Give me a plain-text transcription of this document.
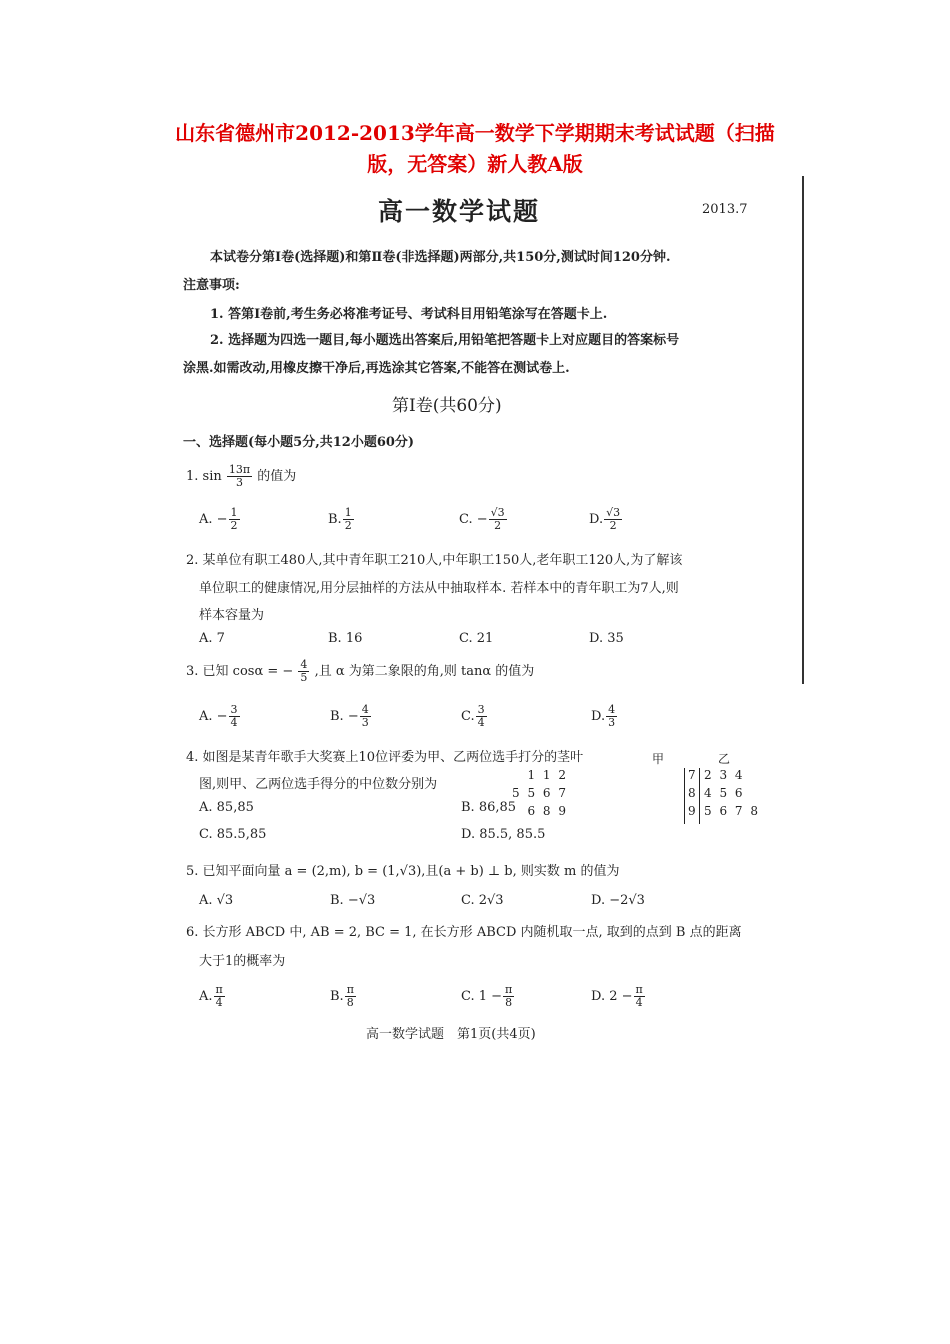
山东省德州市2012-2013学年高一数学下学期期末考试试题（扫描
版，无答案）新人教A版
高一数学试题	2013.7
本试卷分第Ⅰ卷(选择题)和第Ⅱ卷(非选择题)两部分,共150分,测试时间120分钟.
注意事项:
1. 答第Ⅰ卷前,考生务必将准考证号、考试科目用铅笔涂写在答题卡上.
2. 选择题为四选一题目,每小题选出答案后,用铅笔把答题卡上对应题目的答案标号
涂黑.如需改动,用橡皮擦干净后,再选涂其它答案,不能答在测试卷上.
第Ⅰ卷(共60分)
一、选择题(每小题5分,共12小题60分)
1. $\sin \frac{13\pi}{3}$ 的值为
A. − $\frac{1}{2}$	B. $\frac{1}{2}$	C. − $\frac{√3}{2}$	D. $\frac{√3}{2}$
2. 某单位有职工480人,其中青年职工210人,中年职工150人,老年职工120人,为了解该
单位职工的健康情况,用分层抽样的方法从中抽取样本. 若样本中的青年职工为7人,则
样本容量为
A. 7	B. 16	C. 21	D. 35
3. 已知 cosα = − $\frac{4}{5}$ ,且 α 为第二象限的角,则 tanα 的值为
A. − $\frac{3}{4}$	B. − $\frac{4}{3}$	C. $\frac{3}{4}$	D. $\frac{4}{3}$
4. 如图是某青年歌手大奖赛上10位评委为甲、乙两位选手打分的茎叶
图,则甲、乙两位选手得分的中位数分别为
A. 85,85	B. 86,85
C. 85.5,85	D. 85.5, 85.5
甲	乙
1 1 2	7 2 3 4
5 5 6 7	8 4 5 6
6 8 9	9 5 6 7 8
5. 已知平面向量 a = (2,m), b = (1,√3),且(a + b) ⊥ b, 则实数 m 的值为
A. √3	B. −√3	C. 2√3	D. −2√3
6. 长方形 ABCD 中, AB = 2, BC = 1, 在长方形 ABCD 内随机取一点, 取到的点到 B 点的距离
大于1的概率为
A. $\frac{\pi}{4}$	B. $\frac{\pi}{8}$	C. $1 - \frac{\pi}{8}$	D. $2 - \frac{\pi}{4}$
高一数学试题　第1页(共4页)
